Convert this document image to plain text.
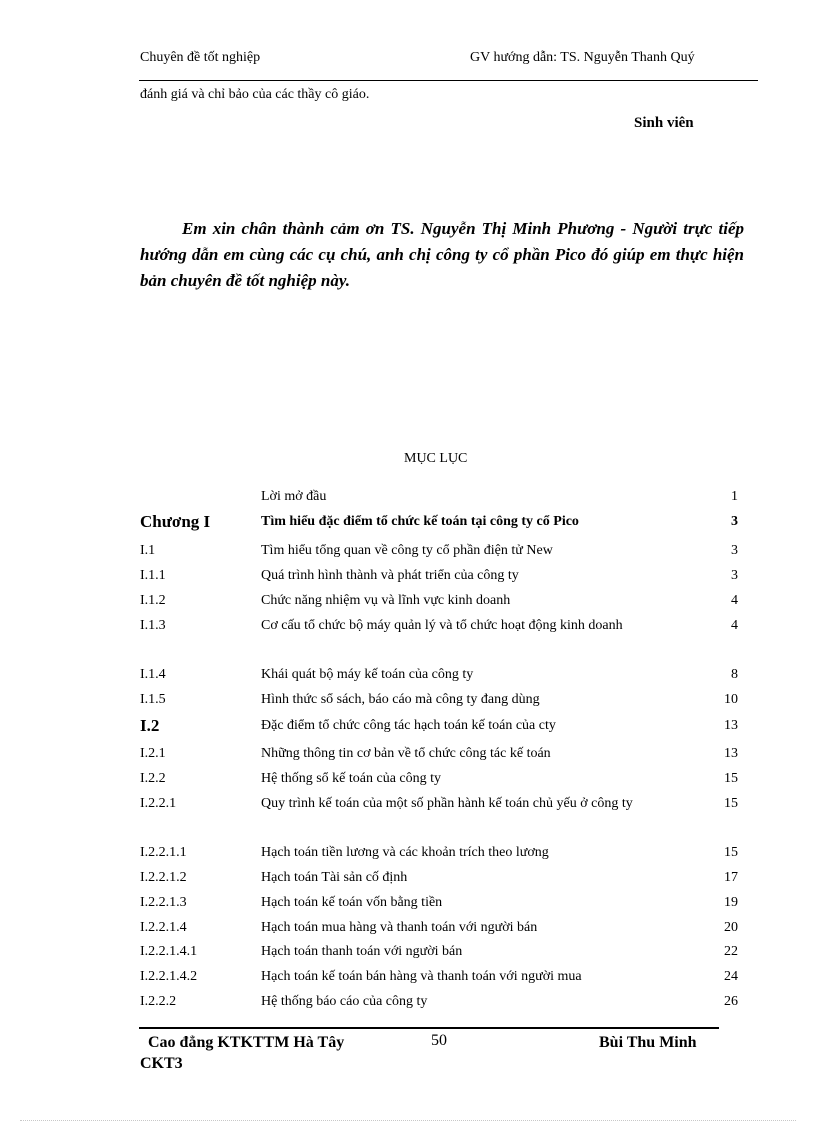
Chuyên đề tốt nghiệp	GV hướng dẫn: TS. Nguyễn Thanh Quý
đánh giá và chỉ bảo của các thầy cô giáo.
Sinh viên
Em xin chân thành cảm ơn TS. Nguyễn Thị Minh Phương - Người trực tiếp hướng dẫn em cùng các cụ chú, anh chị công ty cổ phần Pico đó giúp em thực hiện bản chuyên đề tốt nghiệp này.
MỤC LỤC
Lời mở đầu	1
Chương I	Tìm hiểu đặc điểm tổ chức kế toán tại công ty cổ Pico	3
I.1	Tìm hiểu tổng quan về công ty cổ phần điện tử New	3
I.1.1	Quá trình hình thành và phát triển của công ty	3
I.1.2	Chức năng nhiệm vụ và lĩnh vực kinh doanh	4
I.1.3	Cơ cấu tổ chức bộ máy quản lý và tổ chức hoạt động kinh doanh	4
I.1.4	Khái quát bộ máy kế toán của công ty	8
I.1.5	Hình thức sổ sách, báo cáo mà công ty đang dùng	10
I.2	Đặc điểm tổ chức công tác hạch toán kế toán của cty	13
I.2.1	Những thông tin cơ bản về tổ chức công tác kế toán	13
I.2.2	Hệ thống sổ kế toán của công ty	15
I.2.2.1	Quy trình kế toán của một số phần hành kế toán chủ yếu ở công ty	15
I.2.2.1.1	Hạch toán tiền lương và các khoản trích theo lương	15
I.2.2.1.2	Hạch toán Tài sản cố định	17
I.2.2.1.3	Hạch toán kế toán vốn bằng tiền	19
I.2.2.1.4	Hạch toán mua hàng và thanh toán với người bán	20
I.2.2.1.4.1	Hạch toán thanh toán với người bán	22
I.2.2.1.4.2	Hạch toán kế toán bán hàng và thanh toán với người mua	24
I.2.2.2	Hệ thống báo cáo của công ty	26
Cao đẳng KTKTTM Hà Tây
CKT3
50	Bùi Thu Minh
